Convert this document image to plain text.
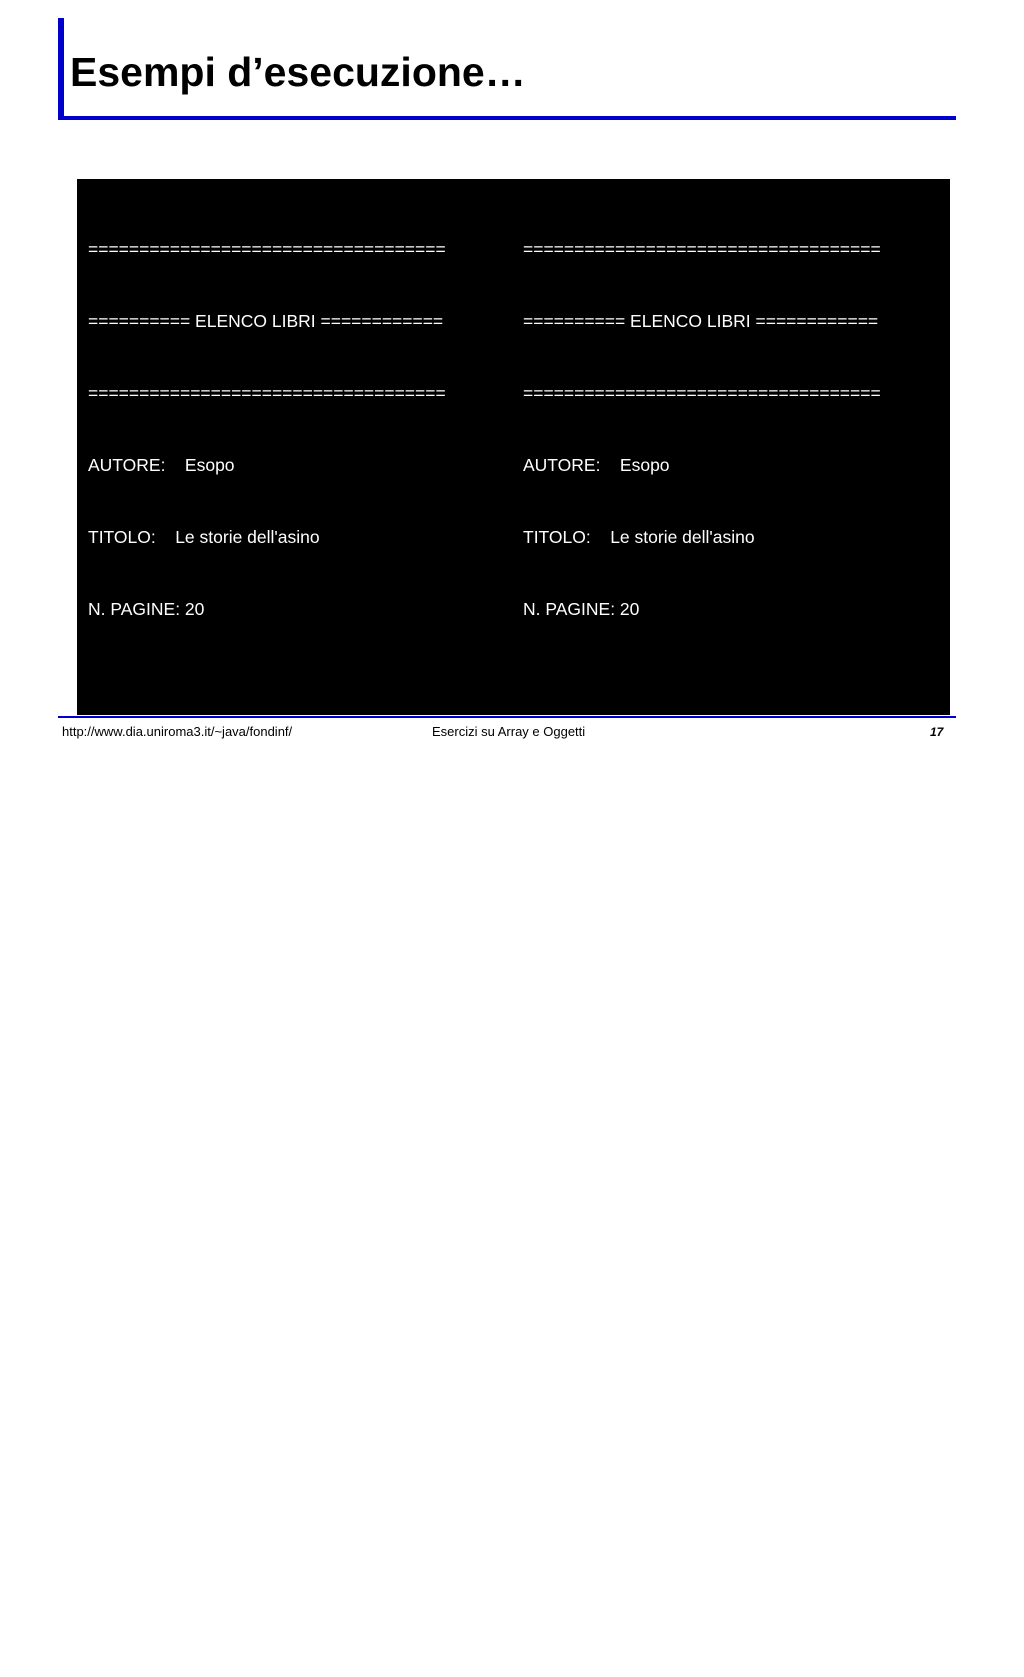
Esempi d’esecuzione…

===================================

========== ELENCO LIBRI ============

===================================

AUTORE:    Esopo

TITOLO:    Le storie dell'asino

N. PAGINE: 20

il libro con il max. numero di pagine e':

AUTORE:    Esopo

TITOLO:    Le storie dell'asino

N. PAGINE: 20

===================================

========== ELENCO LIBRI ============

===================================

AUTORE:    Esopo

TITOLO:    Le storie dell'asino

N. PAGINE: 20

AUTORE:    Italo Calvino

TITOLO:    Il visconte dimezzato

N. PAGINE: 158

AUTORE:    Esopo

TITOLO:    Le storie del cane

N. PAGINE: 20

il libro con il max. numero di pagine e':

AUTORE:    Italo Calvino

TITOLO:    Il visconte dimezzato

N. PAGINE: 158

http://www.dia.uniroma3.it/~java/fondinf/	Esercizi su Array e Oggetti	17
